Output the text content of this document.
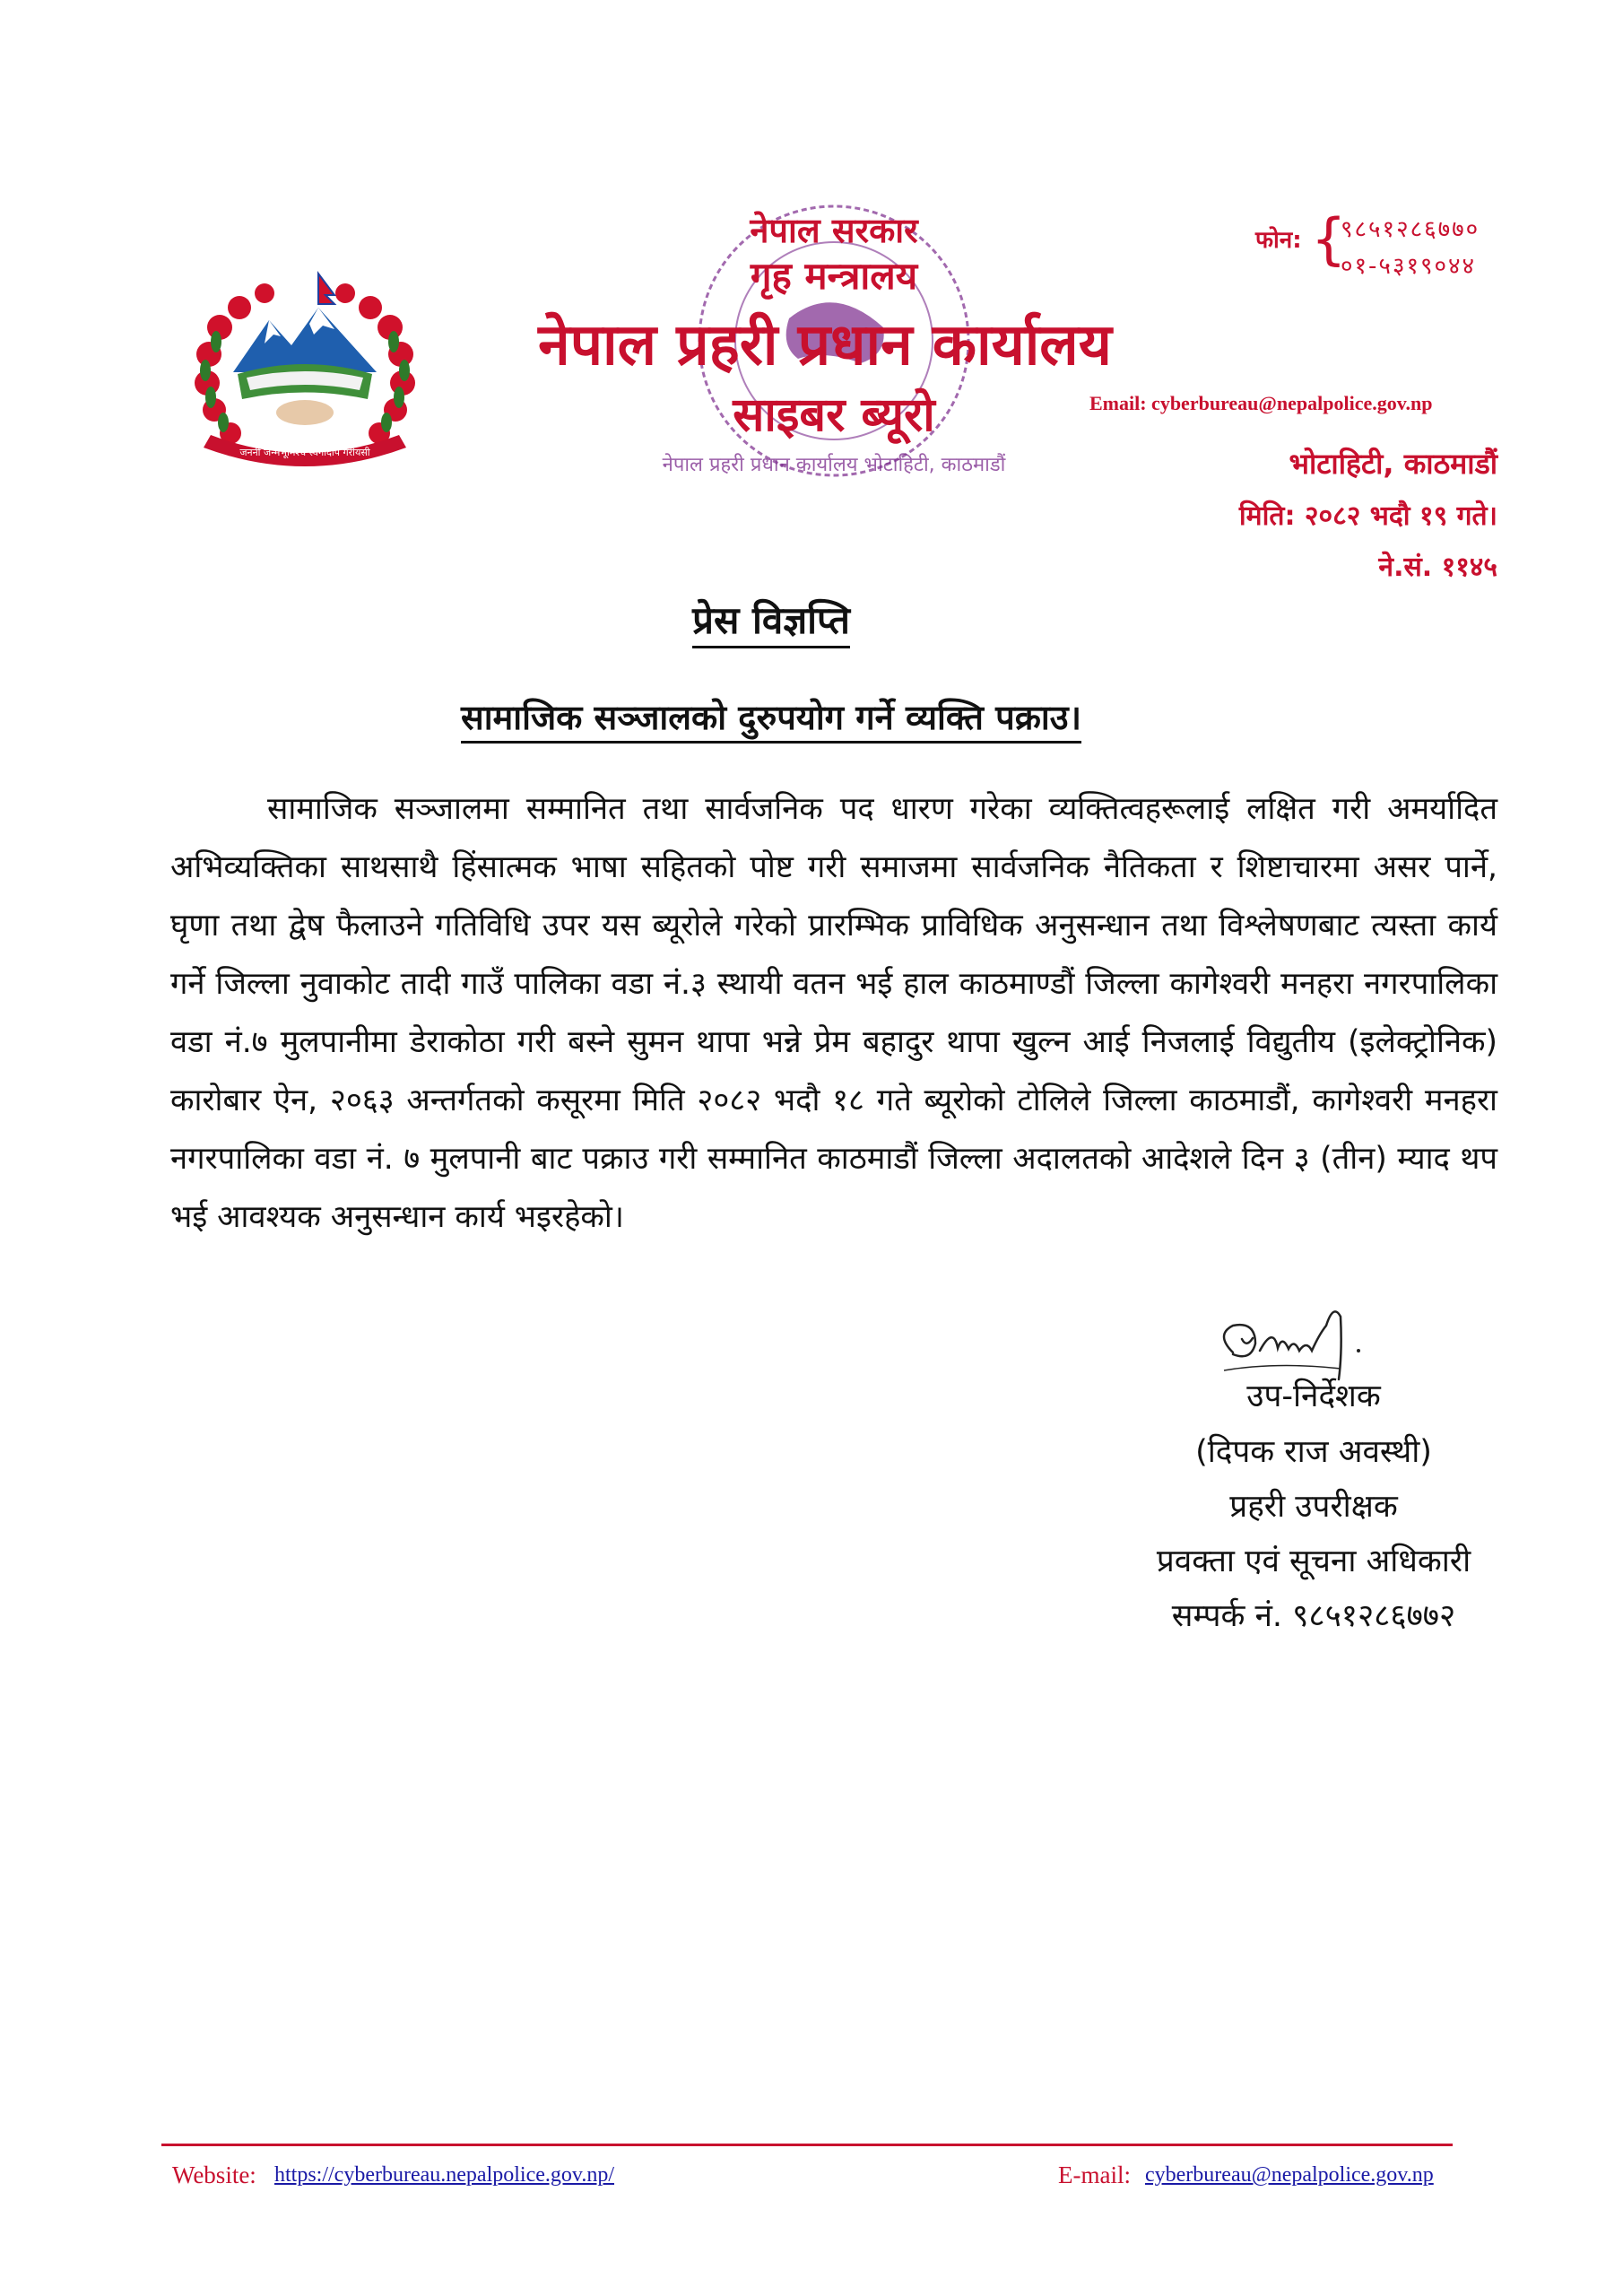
जननी जन्मभूमिश्च स्वर्गादपि गरीयसी
नेपाल प्रहरी प्रधान कार्यालय भोटाहिटी, काठमाडौं
नेपाल सरकार
गृह मन्त्रालय
नेपाल प्रहरी प्रधान कार्यालय
साइबर ब्यूरो
फोन: {
९८५१२८६७७०
०१-५३१९०४४
Email: cyberbureau@nepalpolice.gov.np
भोटाहिटी, काठमाडौं
मिति: २०८२ भदौ १९ गते।
ने.सं. ११४५
प्रेस विज्ञप्ति
सामाजिक सञ्जालको दुरुपयोग गर्ने व्यक्ति पक्राउ।
सामाजिक सञ्जालमा सम्मानित तथा सार्वजनिक पद धारण गरेका व्यक्तित्वहरूलाई लक्षित गरी अमर्यादित अभिव्यक्तिका साथसाथै हिंसात्मक भाषा सहितको पोष्ट गरी समाजमा सार्वजनिक नैतिकता र शिष्टाचारमा असर पार्ने, घृणा तथा द्वेष फैलाउने गतिविधि उपर यस ब्यूरोले गरेको प्रारम्भिक प्राविधिक अनुसन्धान तथा विश्लेषणबाट त्यस्ता कार्य गर्ने जिल्ला नुवाकोट तादी गाउँ पालिका वडा नं.३ स्थायी वतन भई हाल काठमाण्डौं जिल्ला कागेश्वरी मनहरा नगरपालिका वडा नं.७ मुलपानीमा डेराकोठा गरी बस्ने सुमन थापा भन्ने प्रेम बहादुर थापा खुल्न आई निजलाई विद्युतीय (इलेक्ट्रोनिक) कारोबार ऐन, २०६३ अन्तर्गतको कसूरमा मिति २०८२ भदौ १८ गते ब्यूरोको टोलिले जिल्ला काठमाडौं, कागेश्वरी मनहरा नगरपालिका वडा नं. ७ मुलपानी बाट पक्राउ गरी सम्मानित काठमाडौं जिल्ला अदालतको आदेशले दिन ३ (तीन) म्याद थप भई आवश्यक अनुसन्धान कार्य भइरहेको।
उप-निर्देशक
(दिपक राज अवस्थी)
प्रहरी उपरीक्षक
प्रवक्ता एवं सूचना अधिकारी
सम्पर्क नं. ९८५१२८६७७२
Website: https://cyberbureau.nepalpolice.gov.np/	E-mail: cyberbureau@nepalpolice.gov.np
